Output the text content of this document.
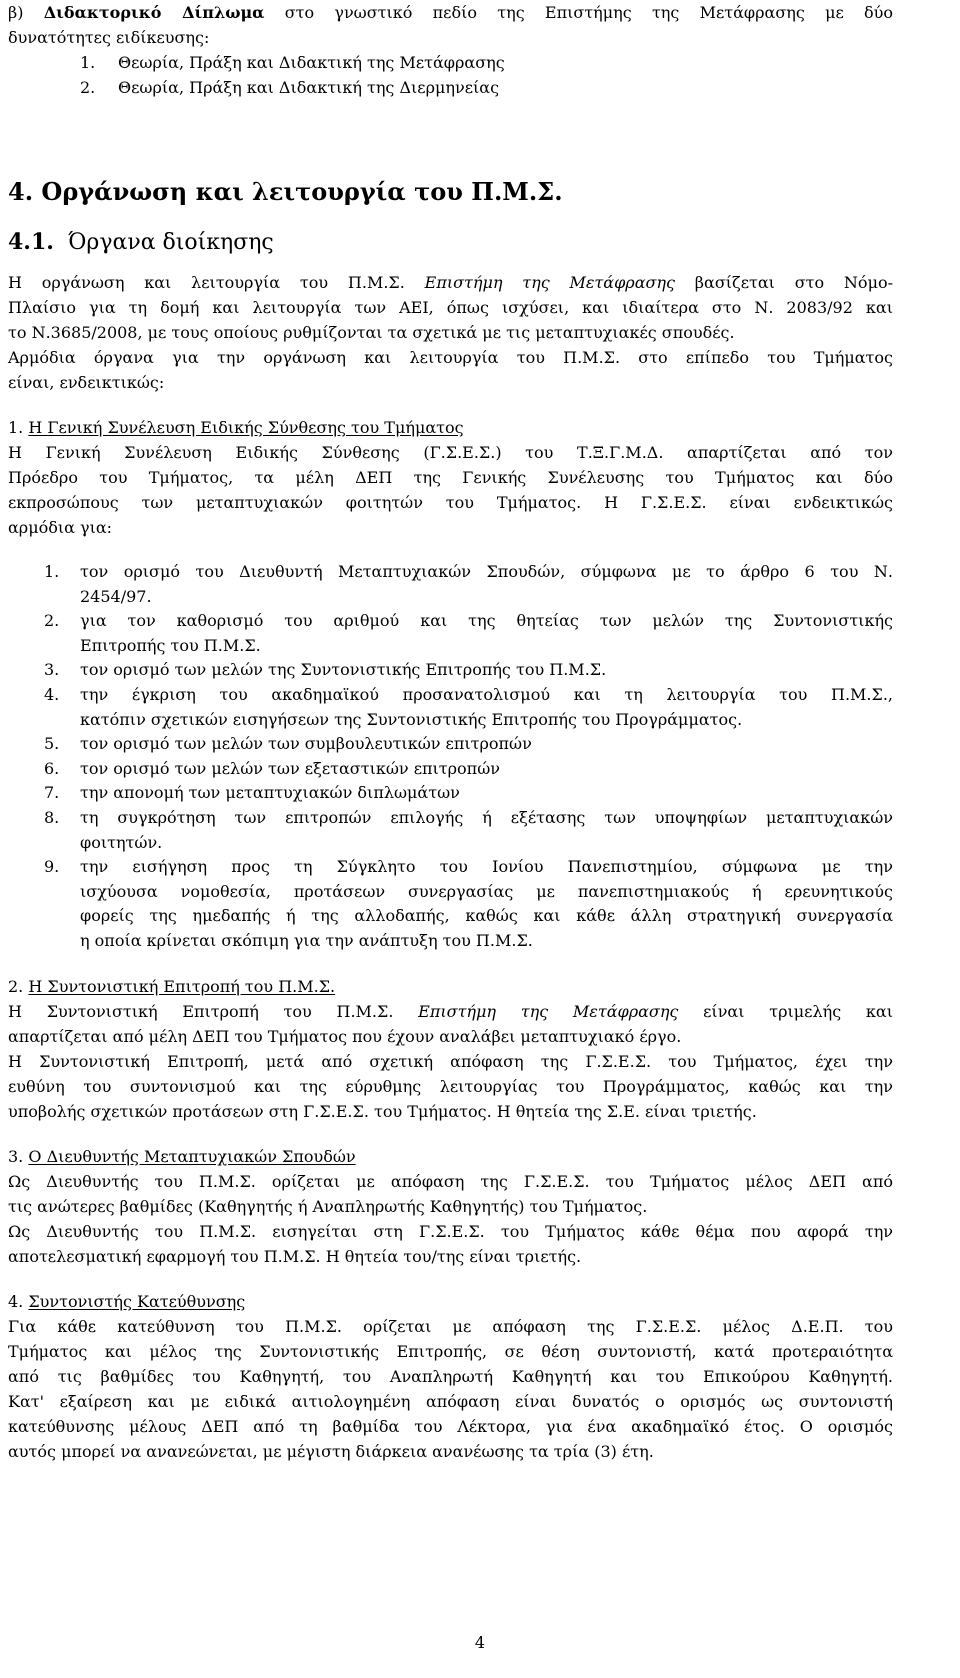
β) Διδακτορικό Δίπλωμα στο γνωστικό πεδίο της Επιστήμης της Μετάφρασης με δύο
δυνατότητες ειδίκευσης:
1.	Θεωρία, Πράξη και Διδακτική της Μετάφρασης
2.	Θεωρία, Πράξη και Διδακτική της Διερμηνείας
4. Οργάνωση και λειτουργία του Π.Μ.Σ.
4.1. Όργανα διοίκησης
Η οργάνωση και λειτουργία του Π.Μ.Σ. Επιστήμη της Μετάφρασης βασίζεται στο Νόμο-
Πλαίσιο για τη δομή και λειτουργία των ΑΕΙ, όπως ισχύσει, και ιδιαίτερα στο Ν. 2083/92 και
το Ν.3685/2008, με τους οποίους ρυθμίζονται τα σχετικά με τις μεταπτυχιακές σπουδές.
Αρμόδια όργανα για την οργάνωση και λειτουργία του Π.Μ.Σ. στο επίπεδο του Τμήματος
είναι, ενδεικτικώς:
1. Η Γενική Συνέλευση Ειδικής Σύνθεσης του Τμήματος
Η Γενική Συνέλευση Ειδικής Σύνθεσης (Γ.Σ.Ε.Σ.) του Τ.Ξ.Γ.Μ.Δ. απαρτίζεται από τον
Πρόεδρο του Τμήματος, τα μέλη ΔΕΠ της Γενικής Συνέλευσης του Τμήματος και δύο
εκπροσώπους των μεταπτυχιακών φοιτητών του Τμήματος. Η Γ.Σ.Ε.Σ. είναι ενδεικτικώς
αρμόδια για:
1.	τον ορισμό του Διευθυντή Μεταπτυχιακών Σπουδών, σύμφωνα με το άρθρο 6 του Ν.
2454/97.
2.	για τον καθορισμό του αριθμού και της θητείας των μελών της Συντονιστικής
Επιτροπής του Π.Μ.Σ.
3.	τον ορισμό των μελών της Συντονιστικής Επιτροπής του Π.Μ.Σ.
4.	την έγκριση του ακαδημαϊκού προσανατολισμού και τη λειτουργία του Π.Μ.Σ.,
κατόπιν σχετικών εισηγήσεων της Συντονιστικής Επιτροπής του Προγράμματος.
5.	τον ορισμό των μελών των συμβουλευτικών επιτροπών
6.	τον ορισμό των μελών των εξεταστικών επιτροπών
7.	την απονομή των μεταπτυχιακών διπλωμάτων
8.	τη συγκρότηση των επιτροπών επιλογής ή εξέτασης των υποψηφίων μεταπτυχιακών
φοιτητών.
9.	την εισήγηση προς τη Σύγκλητο του Ιονίου Πανεπιστημίου, σύμφωνα με την
ισχύουσα νομοθεσία, προτάσεων συνεργασίας με πανεπιστημιακούς ή ερευνητικούς
φορείς της ημεδαπής ή της αλλοδαπής, καθώς και κάθε άλλη στρατηγική συνεργασία
η οποία κρίνεται σκόπιμη για την ανάπτυξη του Π.Μ.Σ.
2. Η Συντονιστική Επιτροπή του Π.Μ.Σ.
Η Συντονιστική Επιτροπή του Π.Μ.Σ. Επιστήμη της Μετάφρασης είναι τριμελής και
απαρτίζεται από μέλη ΔΕΠ του Τμήματος που έχουν αναλάβει μεταπτυχιακό έργο.
Η Συντονιστική Επιτροπή, μετά από σχετική απόφαση της Γ.Σ.Ε.Σ. του Τμήματος, έχει την
ευθύνη του συντονισμού και της εύρυθμης λειτουργίας του Προγράμματος, καθώς και την
υποβολής σχετικών προτάσεων στη Γ.Σ.Ε.Σ. του Τμήματος. Η θητεία της Σ.Ε. είναι τριετής.
3. Ο Διευθυντής Μεταπτυχιακών Σπουδών
Ως Διευθυντής του Π.Μ.Σ. ορίζεται με απόφαση της Γ.Σ.Ε.Σ. του Τμήματος μέλος ΔΕΠ από
τις ανώτερες βαθμίδες (Καθηγητής ή Αναπληρωτής Καθηγητής) του Τμήματος.
Ως Διευθυντής του Π.Μ.Σ. εισηγείται στη Γ.Σ.Ε.Σ. του Τμήματος κάθε θέμα που αφορά την
αποτελεσματική εφαρμογή του Π.Μ.Σ. Η θητεία του/της είναι τριετής.
4. Συντονιστής Κατεύθυνσης
Για κάθε κατεύθυνση του Π.Μ.Σ. ορίζεται με απόφαση της Γ.Σ.Ε.Σ. μέλος Δ.Ε.Π. του
Τμήματος και μέλος της Συντονιστικής Επιτροπής, σε θέση συντονιστή, κατά προτεραιότητα
από τις βαθμίδες του Καθηγητή, του Αναπληρωτή Καθηγητή και του Επικούρου Καθηγητή.
Κατ' εξαίρεση και με ειδικά αιτιολογημένη απόφαση είναι δυνατός ο ορισμός ως συντονιστή
κατεύθυνσης μέλους ΔΕΠ από τη βαθμίδα του Λέκτορα, για ένα ακαδημαϊκό έτος. Ο ορισμός
αυτός μπορεί να ανανεώνεται, με μέγιστη διάρκεια ανανέωσης τα τρία (3) έτη.
4
